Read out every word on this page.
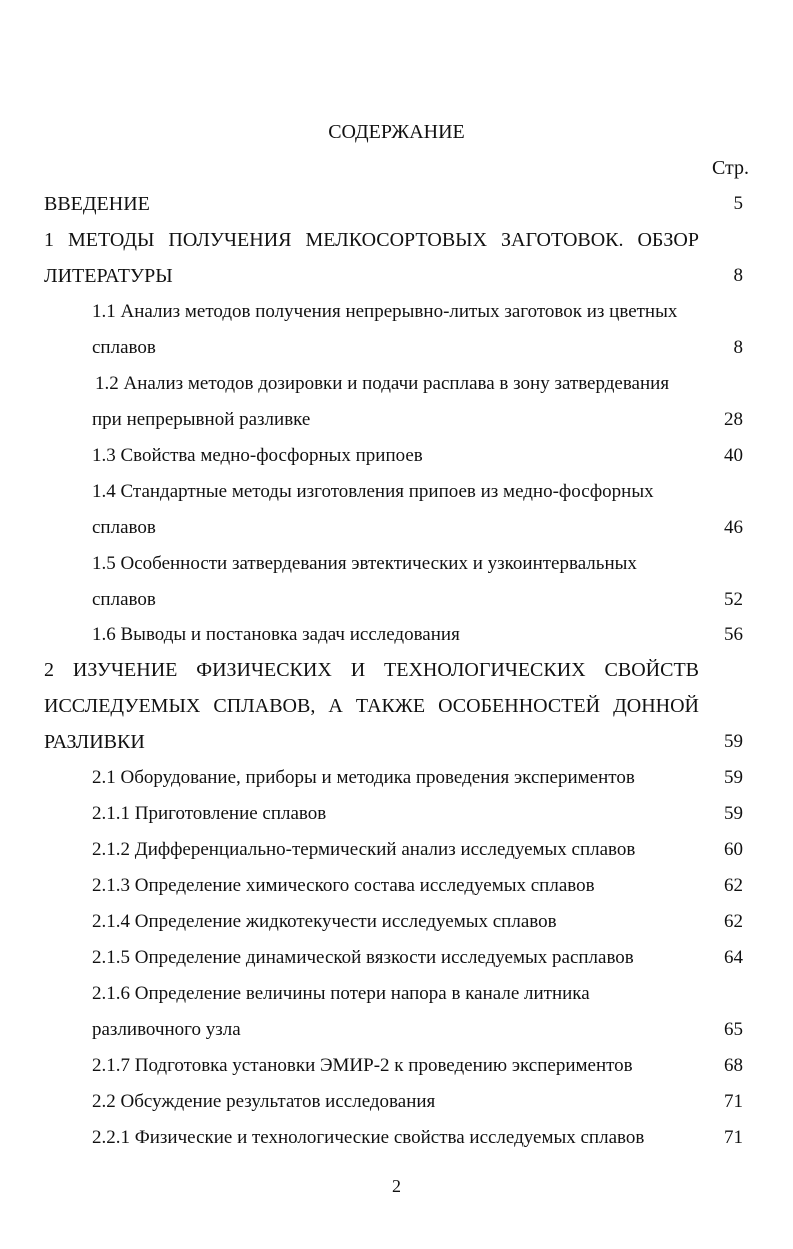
СОДЕРЖАНИЕ
Стр.
ВВЕДЕНИЕ	5
1 МЕТОДЫ ПОЛУЧЕНИЯ МЕЛКОСОРТОВЫХ ЗАГОТОВОК. ОБЗОР
ЛИТЕРАТУРЫ	8
1.1 Анализ методов получения непрерывно-литых заготовок из цветных
сплавов	8
1.2 Анализ методов дозировки и подачи расплава в зону затвердевания
при непрерывной разливке	28
1.3 Свойства медно-фосфорных припоев	40
1.4 Стандартные методы изготовления припоев из медно-фосфорных
сплавов	46
1.5 Особенности затвердевания эвтектических и узкоинтервальных
сплавов	52
1.6 Выводы и постановка задач исследования	56
2 ИЗУЧЕНИЕ ФИЗИЧЕСКИХ И ТЕХНОЛОГИЧЕСКИХ СВОЙСТВ
ИССЛЕДУЕМЫХ СПЛАВОВ, А ТАКЖЕ ОСОБЕННОСТЕЙ ДОННОЙ
РАЗЛИВКИ	59
2.1 Оборудование, приборы и методика проведения экспериментов	59
2.1.1 Приготовление сплавов	59
2.1.2 Дифференциально-термический анализ исследуемых сплавов	60
2.1.3 Определение химического состава исследуемых сплавов	62
2.1.4 Определение жидкотекучести исследуемых сплавов	62
2.1.5 Определение динамической вязкости исследуемых расплавов	64
2.1.6 Определение величины потери напора в канале литника
разливочного узла	65
2.1.7 Подготовка установки ЭМИР-2 к проведению экспериментов	68
2.2 Обсуждение результатов исследования	71
2.2.1 Физические и технологические свойства исследуемых сплавов	71
2
